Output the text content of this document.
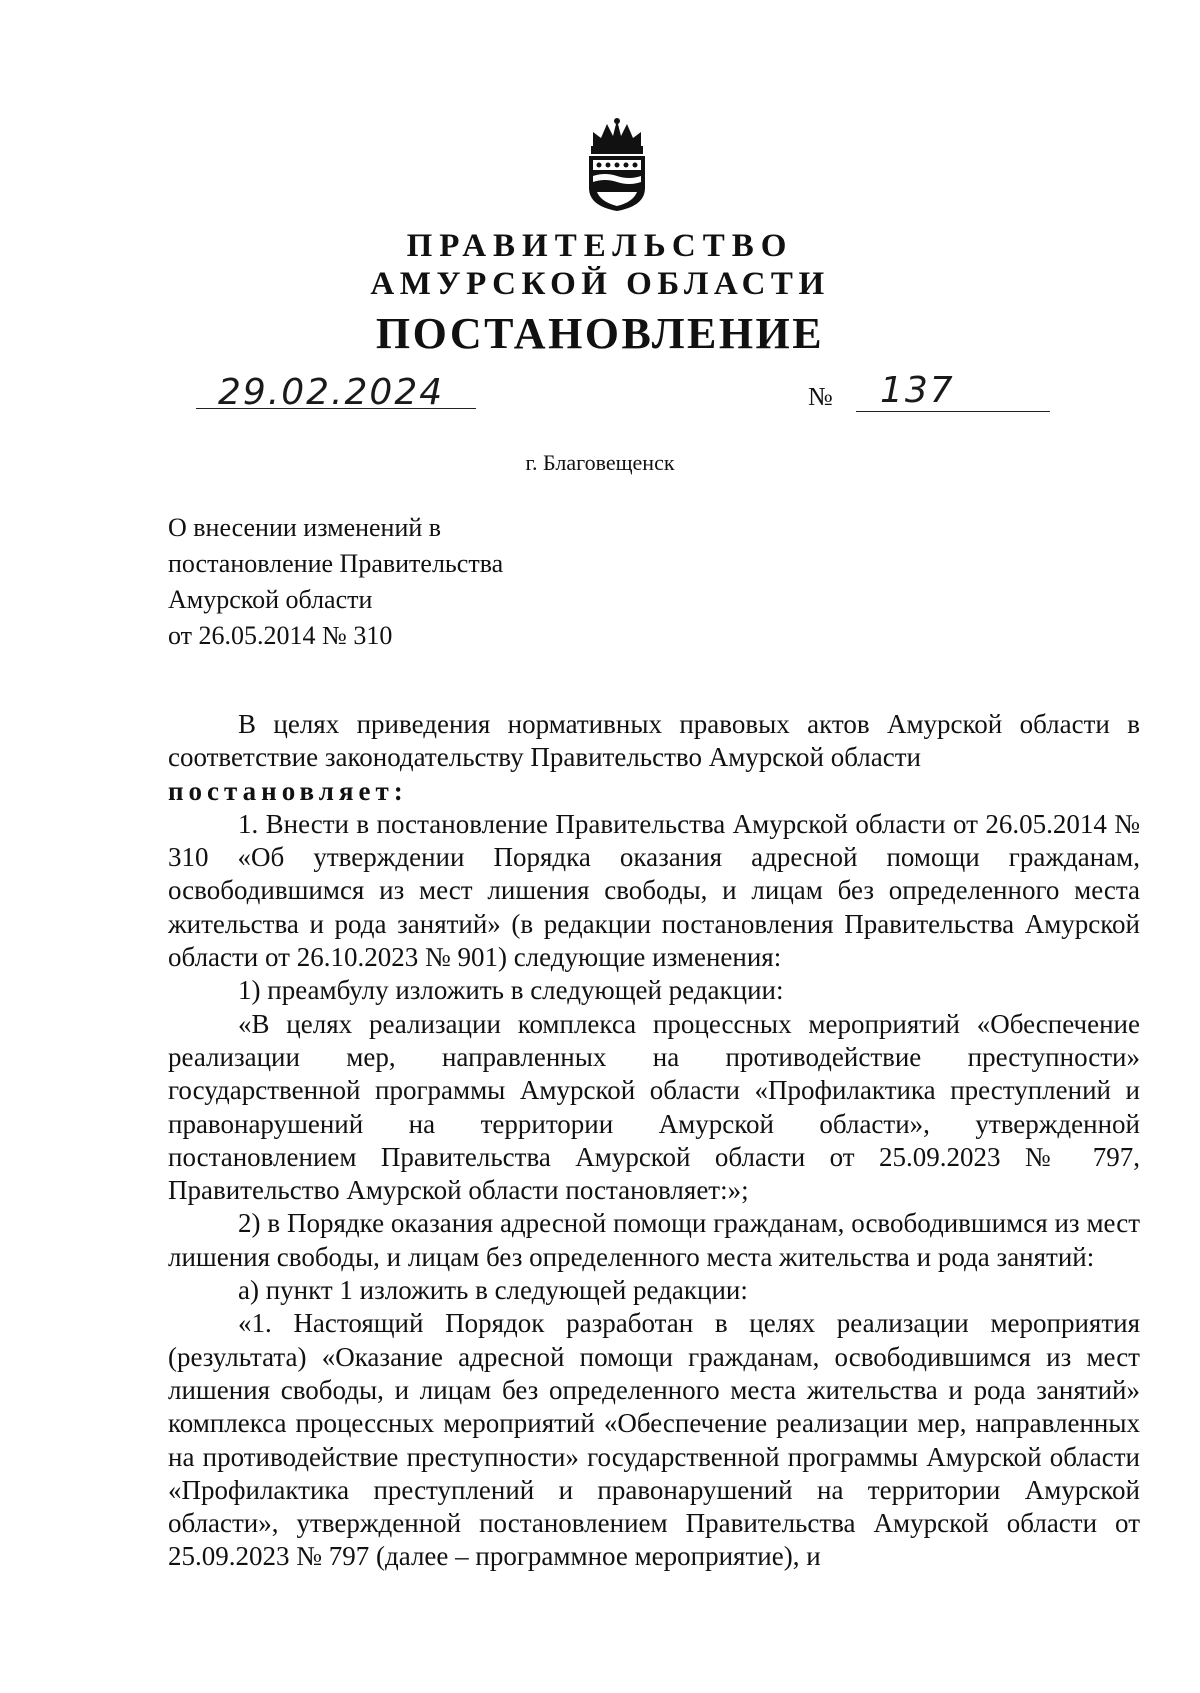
ПРАВИТЕЛЬСТВО
АМУРСКОЙ ОБЛАСТИ
ПОСТАНОВЛЕНИЕ
29.02.2024	№ 137
г. Благовещенск
О внесении изменений в
постановление Правительства
Амурской области
от 26.05.2014 № 310

В целях приведения нормативных правовых актов Амурской области в соответствие законодательству Правительство Амурской области

постановляет:

1. Внести в постановление Правительства Амурской области от 26.05.2014 № 310 «Об утверждении Порядка оказания адресной помощи гражданам, освободившимся из мест лишения свободы, и лицам без определенного места жительства и рода занятий» (в редакции постановления Правительства Амурской области от 26.10.2023 № 901) следующие изменения:

1) преамбулу изложить в следующей редакции:

«В целях реализации комплекса процессных мероприятий «Обеспечение реализации мер, направленных на противодействие преступности» государственной программы Амурской области «Профилактика преступлений и правонарушений на территории Амурской области», утвержденной постановлением Правительства Амурской области от 25.09.2023 № 797, Правительство Амурской области постановляет:»;

2) в Порядке оказания адресной помощи гражданам, освободившимся из мест лишения свободы, и лицам без определенного места жительства и рода занятий:

а) пункт 1 изложить в следующей редакции:

«1. Настоящий Порядок разработан в целях реализации мероприятия (результата) «Оказание адресной помощи гражданам, освободившимся из мест лишения свободы, и лицам без определенного места жительства и рода занятий» комплекса процессных мероприятий «Обеспечение реализации мер, направленных на противодействие преступности» государственной программы Амурской области «Профилактика преступлений и правонарушений на территории Амурской области», утвержденной постановлением Правительства Амурской области от 25.09.2023 № 797 (далее – программное мероприятие), и
